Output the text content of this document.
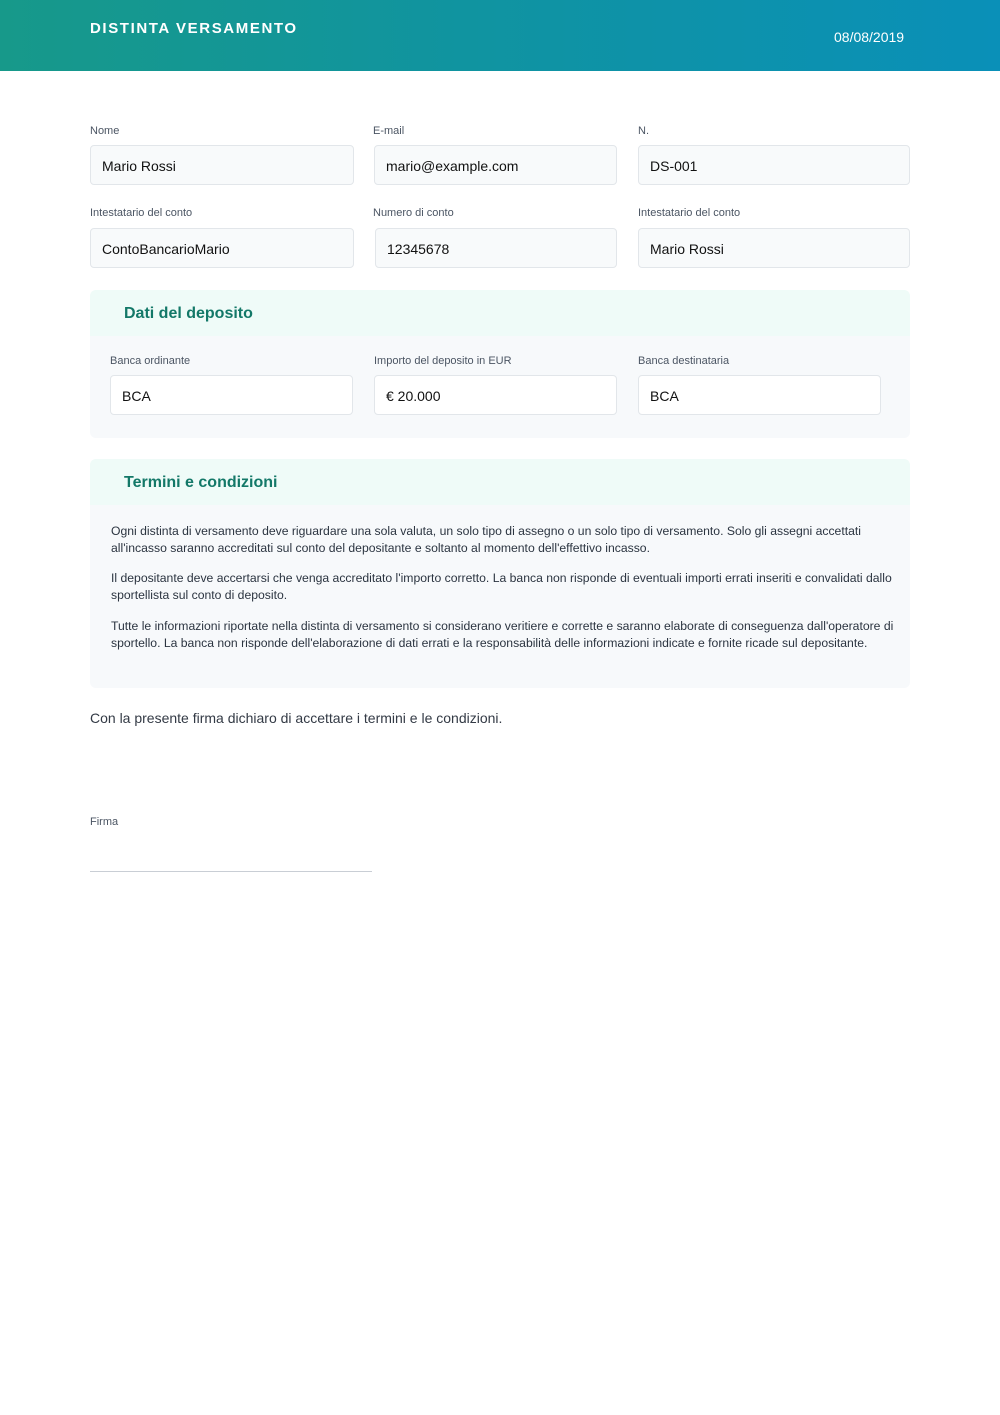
DISTINTA VERSAMENTO	08/08/2019
Nome
Mario Rossi
E-mail
mario@example.com
N.
DS-001
Intestatario del conto
ContoBancarioMario
Numero di conto
12345678
Intestatario del conto
Mario Rossi
Dati del deposito
Banca ordinante
BCA
Importo del deposito in EUR
€ 20.000
Banca destinataria
BCA
Termini e condizioni

Ogni distinta di versamento deve riguardare una sola valuta, un solo tipo di assegno o un solo tipo di versamento. Solo gli assegni accettati all'incasso saranno accreditati sul conto del depositante e soltanto al momento dell'effettivo incasso.

Il depositante deve accertarsi che venga accreditato l'importo corretto. La banca non risponde di eventuali importi errati inseriti e convalidati dallo sportellista sul conto di deposito.

Tutte le informazioni riportate nella distinta di versamento si considerano veritiere e corrette e saranno elaborate di conseguenza dall'operatore di sportello. La banca non risponde dell'elaborazione di dati errati e la responsabilità delle informazioni indicate e fornite ricade sul depositante.

Con la presente firma dichiaro di accettare i termini e le condizioni.
Firma
